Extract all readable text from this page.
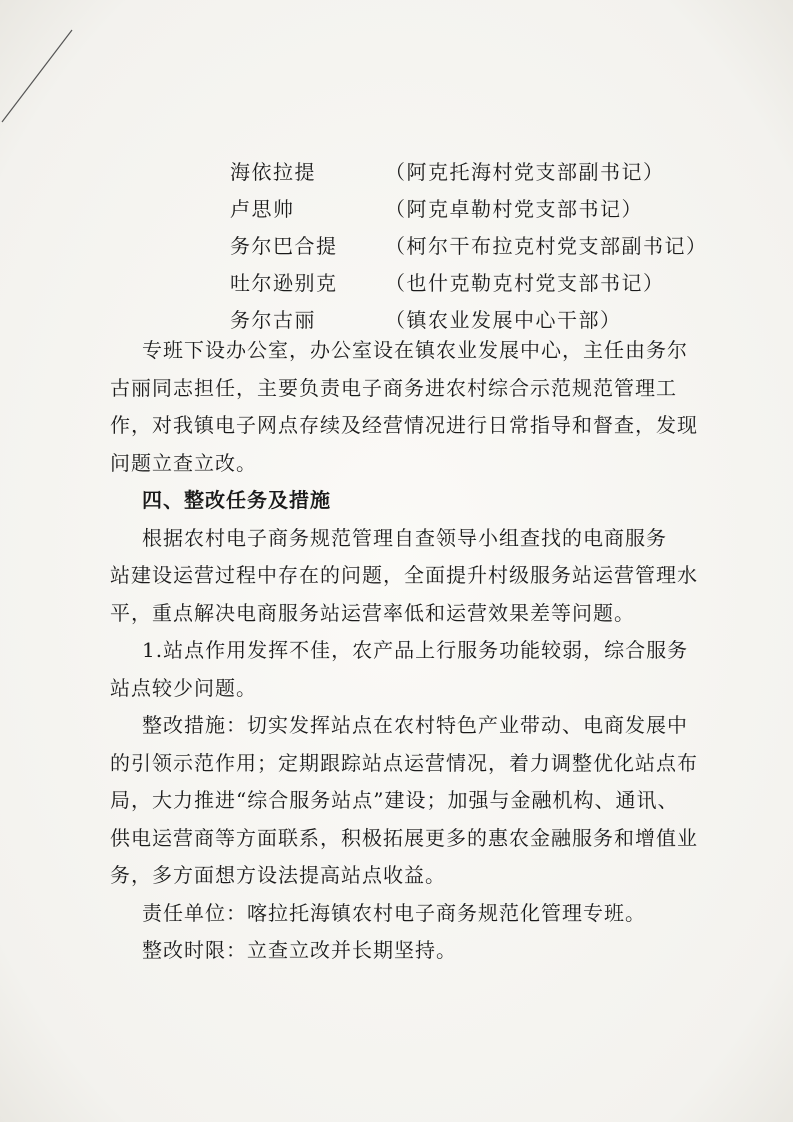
海依拉提	（阿克托海村党支部副书记）
卢思帅	（阿克卓勒村党支部书记）
务尔巴合提	（柯尔干布拉克村党支部副书记）
吐尔逊别克	（也什克勒克村党支部书记）
务尔古丽	（镇农业发展中心干部）
专班下设办公室，办公室设在镇农业发展中心，主任由务尔
古丽同志担任，主要负责电子商务进农村综合示范规范管理工
作，对我镇电子网点存续及经营情况进行日常指导和督查，发现
问题立查立改。
四、整改任务及措施
根据农村电子商务规范管理自查领导小组查找的电商服务
站建设运营过程中存在的问题，全面提升村级服务站运营管理水
平，重点解决电商服务站运营率低和运营效果差等问题。
1.站点作用发挥不佳，农产品上行服务功能较弱，综合服务
站点较少问题。
整改措施：切实发挥站点在农村特色产业带动、电商发展中
的引领示范作用；定期跟踪站点运营情况，着力调整优化站点布
局，大力推进“综合服务站点”建设；加强与金融机构、通讯、
供电运营商等方面联系，积极拓展更多的惠农金融服务和增值业
务，多方面想方设法提高站点收益。
责任单位：喀拉托海镇农村电子商务规范化管理专班。
整改时限：立查立改并长期坚持。
